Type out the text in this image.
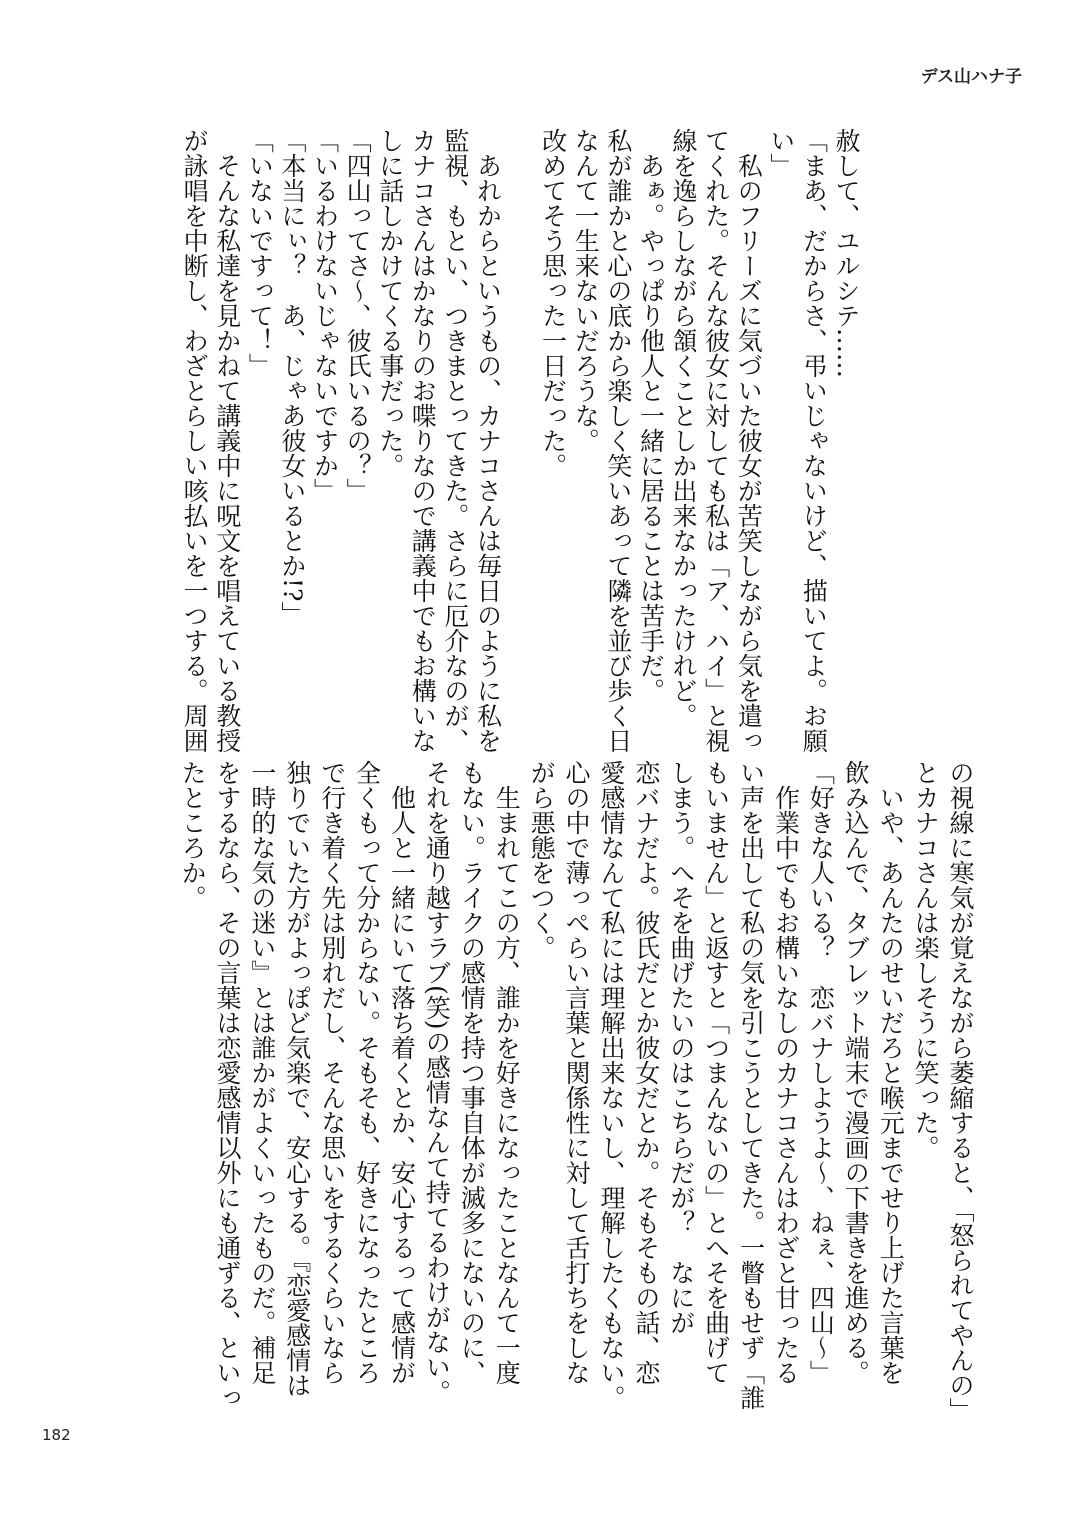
デス山ハナ子
赦して、ユルシテ……
「まあ、だからさ、弔いじゃないけど、描いてよ。お願
い」
　私のフリーズに気づいた彼女が苦笑しながら気を遣っ
てくれた。そんな彼女に対しても私は「ア、ハイ」と視
線を逸らしながら頷くことしか出来なかったけれど。
　あぁ。やっぱり他人と一緒に居ることは苦手だ。
私が誰かと心の底から楽しく笑いあって隣を並び歩く日
なんて一生来ないだろうな。
改めてそう思った一日だった。
　あれからというもの、カナコさんは毎日のように私を
監視、もとい、つきまとってきた。さらに厄介なのが、
カナコさんはかなりのお喋りなので講義中でもお構いな
しに話しかけてくる事だった。
「四山ってさ～、彼氏いるの？」
「いるわけないじゃないですか」
「本当にぃ？　あ、じゃあ彼女いるとか!?」
「いないですって！」
　そんな私達を見かねて講義中に呪文を唱えている教授
が詠唱を中断し、わざとらしい咳払いを一つする。周囲
の視線に寒気が覚えながら萎縮すると、「怒られてやんの」
とカナコさんは楽しそうに笑った。
　いや、あんたのせいだろと喉元までせり上げた言葉を
飲み込んで、タブレット端末で漫画の下書きを進める。
「好きな人いる？　恋バナしようよ～、ねぇ、四山～」
　作業中でもお構いなしのカナコさんはわざと甘ったる
い声を出して私の気を引こうとしてきた。一瞥もせず「誰
もいません」と返すと「つまんないの」とへそを曲げて
しまう。へそを曲げたいのはこちらだが？　なにが
恋バナだよ。彼氏だとか彼女だとか。そもそもの話、恋
愛感情なんて私には理解出来ないし、理解したくもない。
心の中で薄っぺらい言葉と関係性に対して舌打ちをしな
がら悪態をつく。
　生まれてこの方、誰かを好きになったことなんて一度
もない。ライクの感情を持つ事自体が滅多にないのに、
それを通り越すラブ(笑)の感情なんて持てるわけがない。
　他人と一緒にいて落ち着くとか、安心するって感情が
全くもって分からない。そもそも、好きになったところ
で行き着く先は別れだし、そんな思いをするくらいなら
独りでいた方がよっぽど気楽で、安心する。『恋愛感情は
一時的な気の迷い』とは誰かがよくいったものだ。補足
をするなら、その言葉は恋愛感情以外にも通ずる、といっ
たところか。
182
